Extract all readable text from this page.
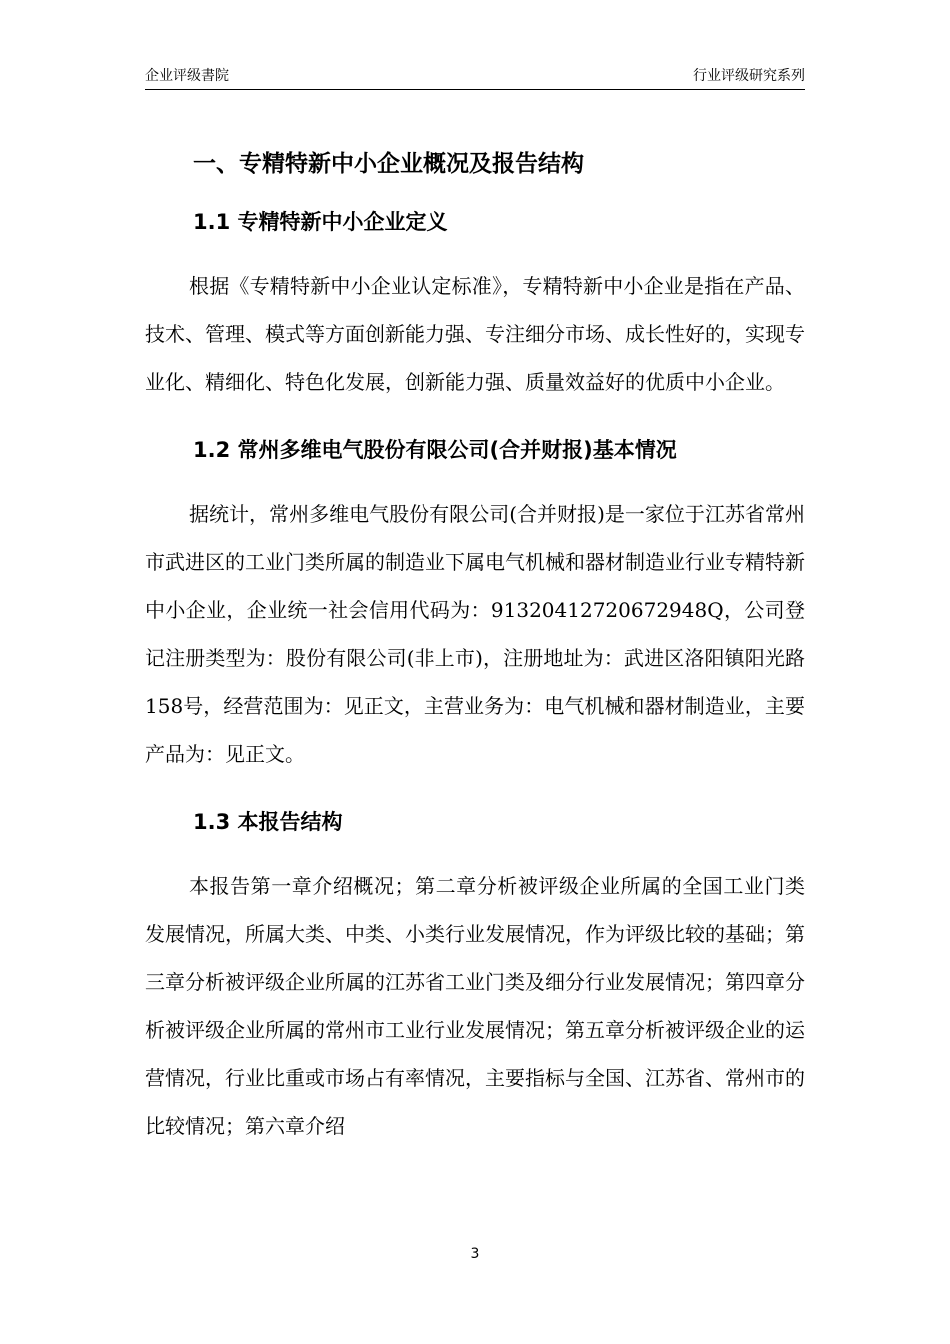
企业评级書院	行业评级研究系列
一、专精特新中小企业概况及报告结构
1.1 专精特新中小企业定义

根据《专精特新中小企业认定标准》，专精特新中小企业是指在产品、技术、管理、模式等方面创新能力强、专注细分市场、成长性好的，实现专业化、精细化、特色化发展，创新能力强、质量效益好的优质中小企业。

1.2 常州多维电气股份有限公司(合并财报)基本情况

据统计，常州多维电气股份有限公司(合并财报)是一家位于江苏省常州市武进区的工业门类所属的制造业下属电气机械和器材制造业行业专精特新中小企业，企业统一社会信用代码为：91320412720672948Q，公司登记注册类型为：股份有限公司(非上市)，注册地址为：武进区洛阳镇阳光路158号，经营范围为：见正文，主营业务为：电气机械和器材制造业，主要产品为：见正文。

1.3 本报告结构

本报告第一章介绍概况；第二章分析被评级企业所属的全国工业门类发展情况，所属大类、中类、小类行业发展情况，作为评级比较的基础；第三章分析被评级企业所属的江苏省工业门类及细分行业发展情况；第四章分析被评级企业所属的常州市工业行业发展情况；第五章分析被评级企业的运营情况，行业比重或市场占有率情况，主要指标与全国、江苏省、常州市的比较情况；第六章介绍

3
